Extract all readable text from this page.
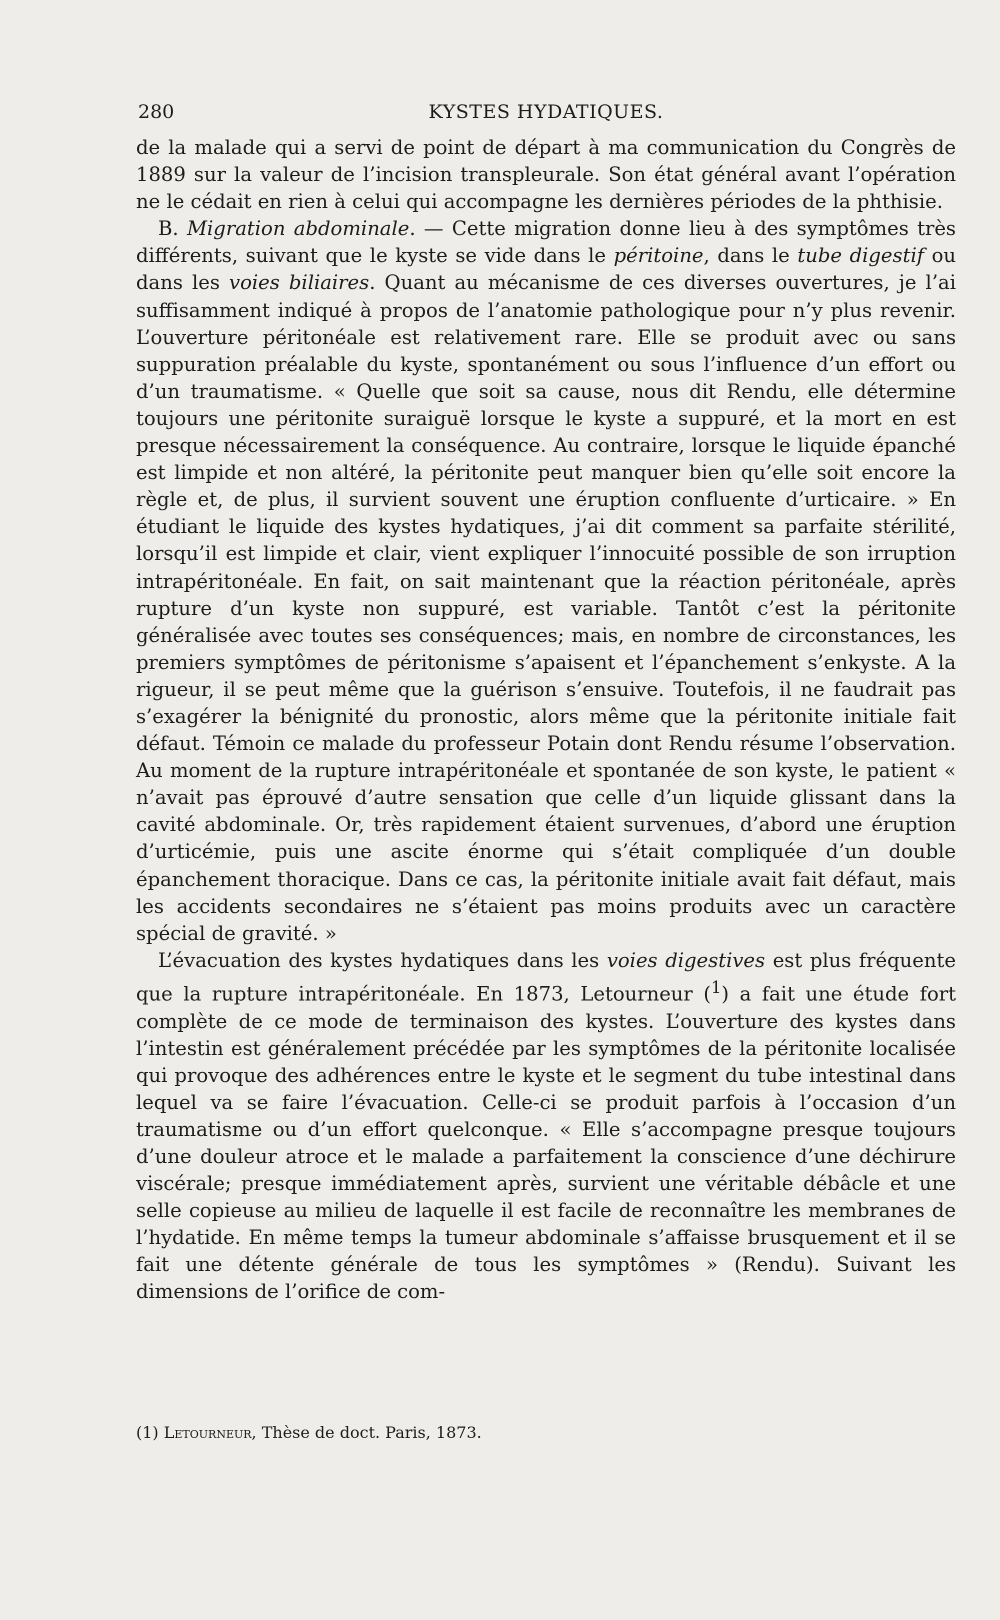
280	KYSTES HYDATIQUES.

de la malade qui a servi de point de départ à ma communication du Congrès de 1889 sur la valeur de l’incision transpleurale. Son état général avant l’opération ne le cédait en rien à celui qui accompagne les dernières périodes de la phthisie.

B. Migration abdominale. — Cette migration donne lieu à des symptômes très différents, suivant que le kyste se vide dans le péritoine, dans le tube digestif ou dans les voies biliaires. Quant au mécanisme de ces diverses ouvertures, je l’ai suffisamment indiqué à propos de l’anatomie pathologique pour n’y plus revenir. L’ouverture péritonéale est relativement rare. Elle se produit avec ou sans suppuration préalable du kyste, spontanément ou sous l’influence d’un effort ou d’un traumatisme. « Quelle que soit sa cause, nous dit Rendu, elle détermine toujours une péritonite suraiguë lorsque le kyste a suppuré, et la mort en est presque nécessairement la conséquence. Au contraire, lorsque le liquide épanché est limpide et non altéré, la péritonite peut manquer bien qu’elle soit encore la règle et, de plus, il survient souvent une éruption confluente d’urticaire. » En étudiant le liquide des kystes hydatiques, j’ai dit comment sa parfaite stérilité, lorsqu’il est limpide et clair, vient expliquer l’innocuité possible de son irruption intrapéritonéale. En fait, on sait maintenant que la réaction péritonéale, après rupture d’un kyste non suppuré, est variable. Tantôt c’est la péritonite généralisée avec toutes ses conséquences; mais, en nombre de circonstances, les premiers symptômes de péritonisme s’apaisent et l’épanchement s’enkyste. A la rigueur, il se peut même que la guérison s’ensuive. Toutefois, il ne faudrait pas s’exagérer la bénignité du pronostic, alors même que la péritonite initiale fait défaut. Témoin ce malade du professeur Potain dont Rendu résume l’observation. Au moment de la rupture intrapéritonéale et spontanée de son kyste, le patient « n’avait pas éprouvé d’autre sensation que celle d’un liquide glissant dans la cavité abdominale. Or, très rapidement étaient survenues, d’abord une éruption d’urticémie, puis une ascite énorme qui s’était compliquée d’un double épanchement thoracique. Dans ce cas, la péritonite initiale avait fait défaut, mais les accidents secondaires ne s’étaient pas moins produits avec un caractère spécial de gravité. »

L’évacuation des kystes hydatiques dans les voies digestives est plus fréquente que la rupture intrapéritonéale. En 1873, Letourneur ($^1$) a fait une étude fort complète de ce mode de terminaison des kystes. L’ouverture des kystes dans l’intestin est généralement précédée par les symptômes de la péritonite localisée qui provoque des adhérences entre le kyste et le segment du tube intestinal dans lequel va se faire l’évacuation. Celle-ci se produit parfois à l’occasion d’un traumatisme ou d’un effort quelconque. « Elle s’accompagne presque toujours d’une douleur atroce et le malade a parfaitement la conscience d’une déchirure viscérale; presque immédiatement après, survient une véritable débâcle et une selle copieuse au milieu de laquelle il est facile de reconnaître les membranes de l’hydatide. En même temps la tumeur abdominale s’affaisse brusquement et il se fait une détente générale de tous les symptômes » (Rendu). Suivant les dimensions de l’orifice de com-

(1) Letourneur, Thèse de doct. Paris, 1873.
